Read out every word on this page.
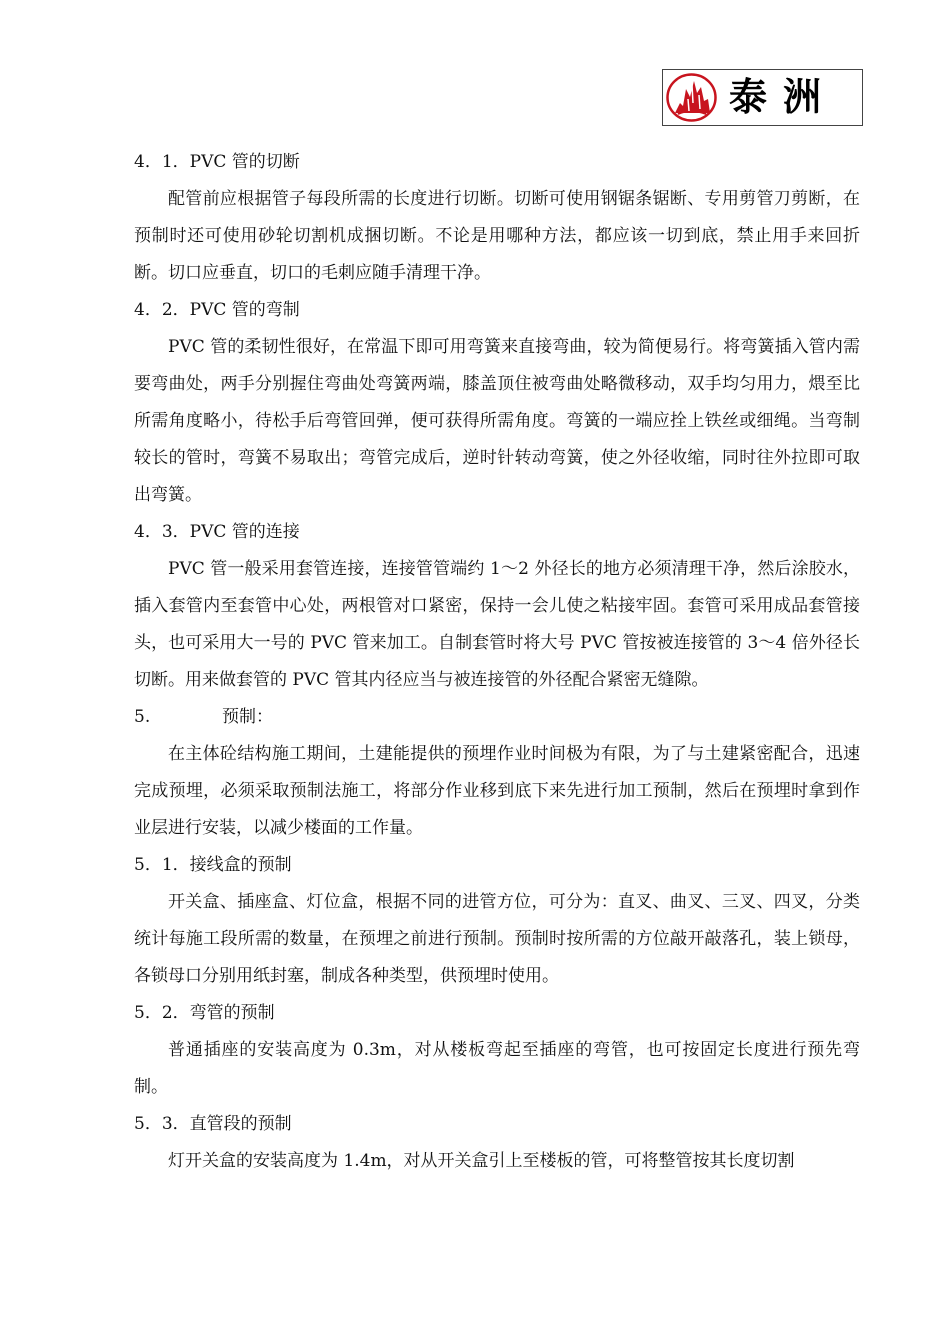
泰洲

4．1．PVC 管的切断

配管前应根据管子每段所需的长度进行切断。切断可使用钢锯条锯断、专用剪管刀剪断，在预制时还可使用砂轮切割机成捆切断。不论是用哪种方法，都应该一切到底，禁止用手来回折断。切口应垂直，切口的毛刺应随手清理干净。

4．2．PVC 管的弯制

PVC 管的柔韧性很好，在常温下即可用弯簧来直接弯曲，较为简便易行。将弯簧插入管内需要弯曲处，两手分别握住弯曲处弯簧两端，膝盖顶住被弯曲处略微移动，双手均匀用力，煨至比所需角度略小，待松手后弯管回弹，便可获得所需角度。弯簧的一端应拴上铁丝或细绳。当弯制较长的管时，弯簧不易取出；弯管完成后，逆时针转动弯簧，使之外径收缩，同时往外拉即可取出弯簧。

4．3．PVC 管的连接

PVC 管一般采用套管连接，连接管管端约 1～2 外径长的地方必须清理干净，然后涂胶水，插入套管内至套管中心处，两根管对口紧密，保持一会儿使之粘接牢固。套管可采用成品套管接头，也可采用大一号的 PVC 管来加工。自制套管时将大号 PVC 管按被连接管的 3～4 倍外径长切断。用来做套管的 PVC 管其内径应当与被连接管的外径配合紧密无缝隙。

5.	预制：

在主体砼结构施工期间，土建能提供的预埋作业时间极为有限，为了与土建紧密配合，迅速完成预埋，必须采取预制法施工，将部分作业移到底下来先进行加工预制，然后在预埋时拿到作业层进行安装，以减少楼面的工作量。

5．1．接线盒的预制

开关盒、插座盒、灯位盒，根据不同的进管方位，可分为：直叉、曲叉、三叉、四叉，分类统计每施工段所需的数量，在预埋之前进行预制。预制时按所需的方位敲开敲落孔，装上锁母，各锁母口分别用纸封塞，制成各种类型，供预埋时使用。

5．2．弯管的预制

普通插座的安装高度为 0.3m，对从楼板弯起至插座的弯管，也可按固定长度进行预先弯制。

5．3．直管段的预制

灯开关盒的安装高度为 1.4m，对从开关盒引上至楼板的管，可将整管按其长度切割
